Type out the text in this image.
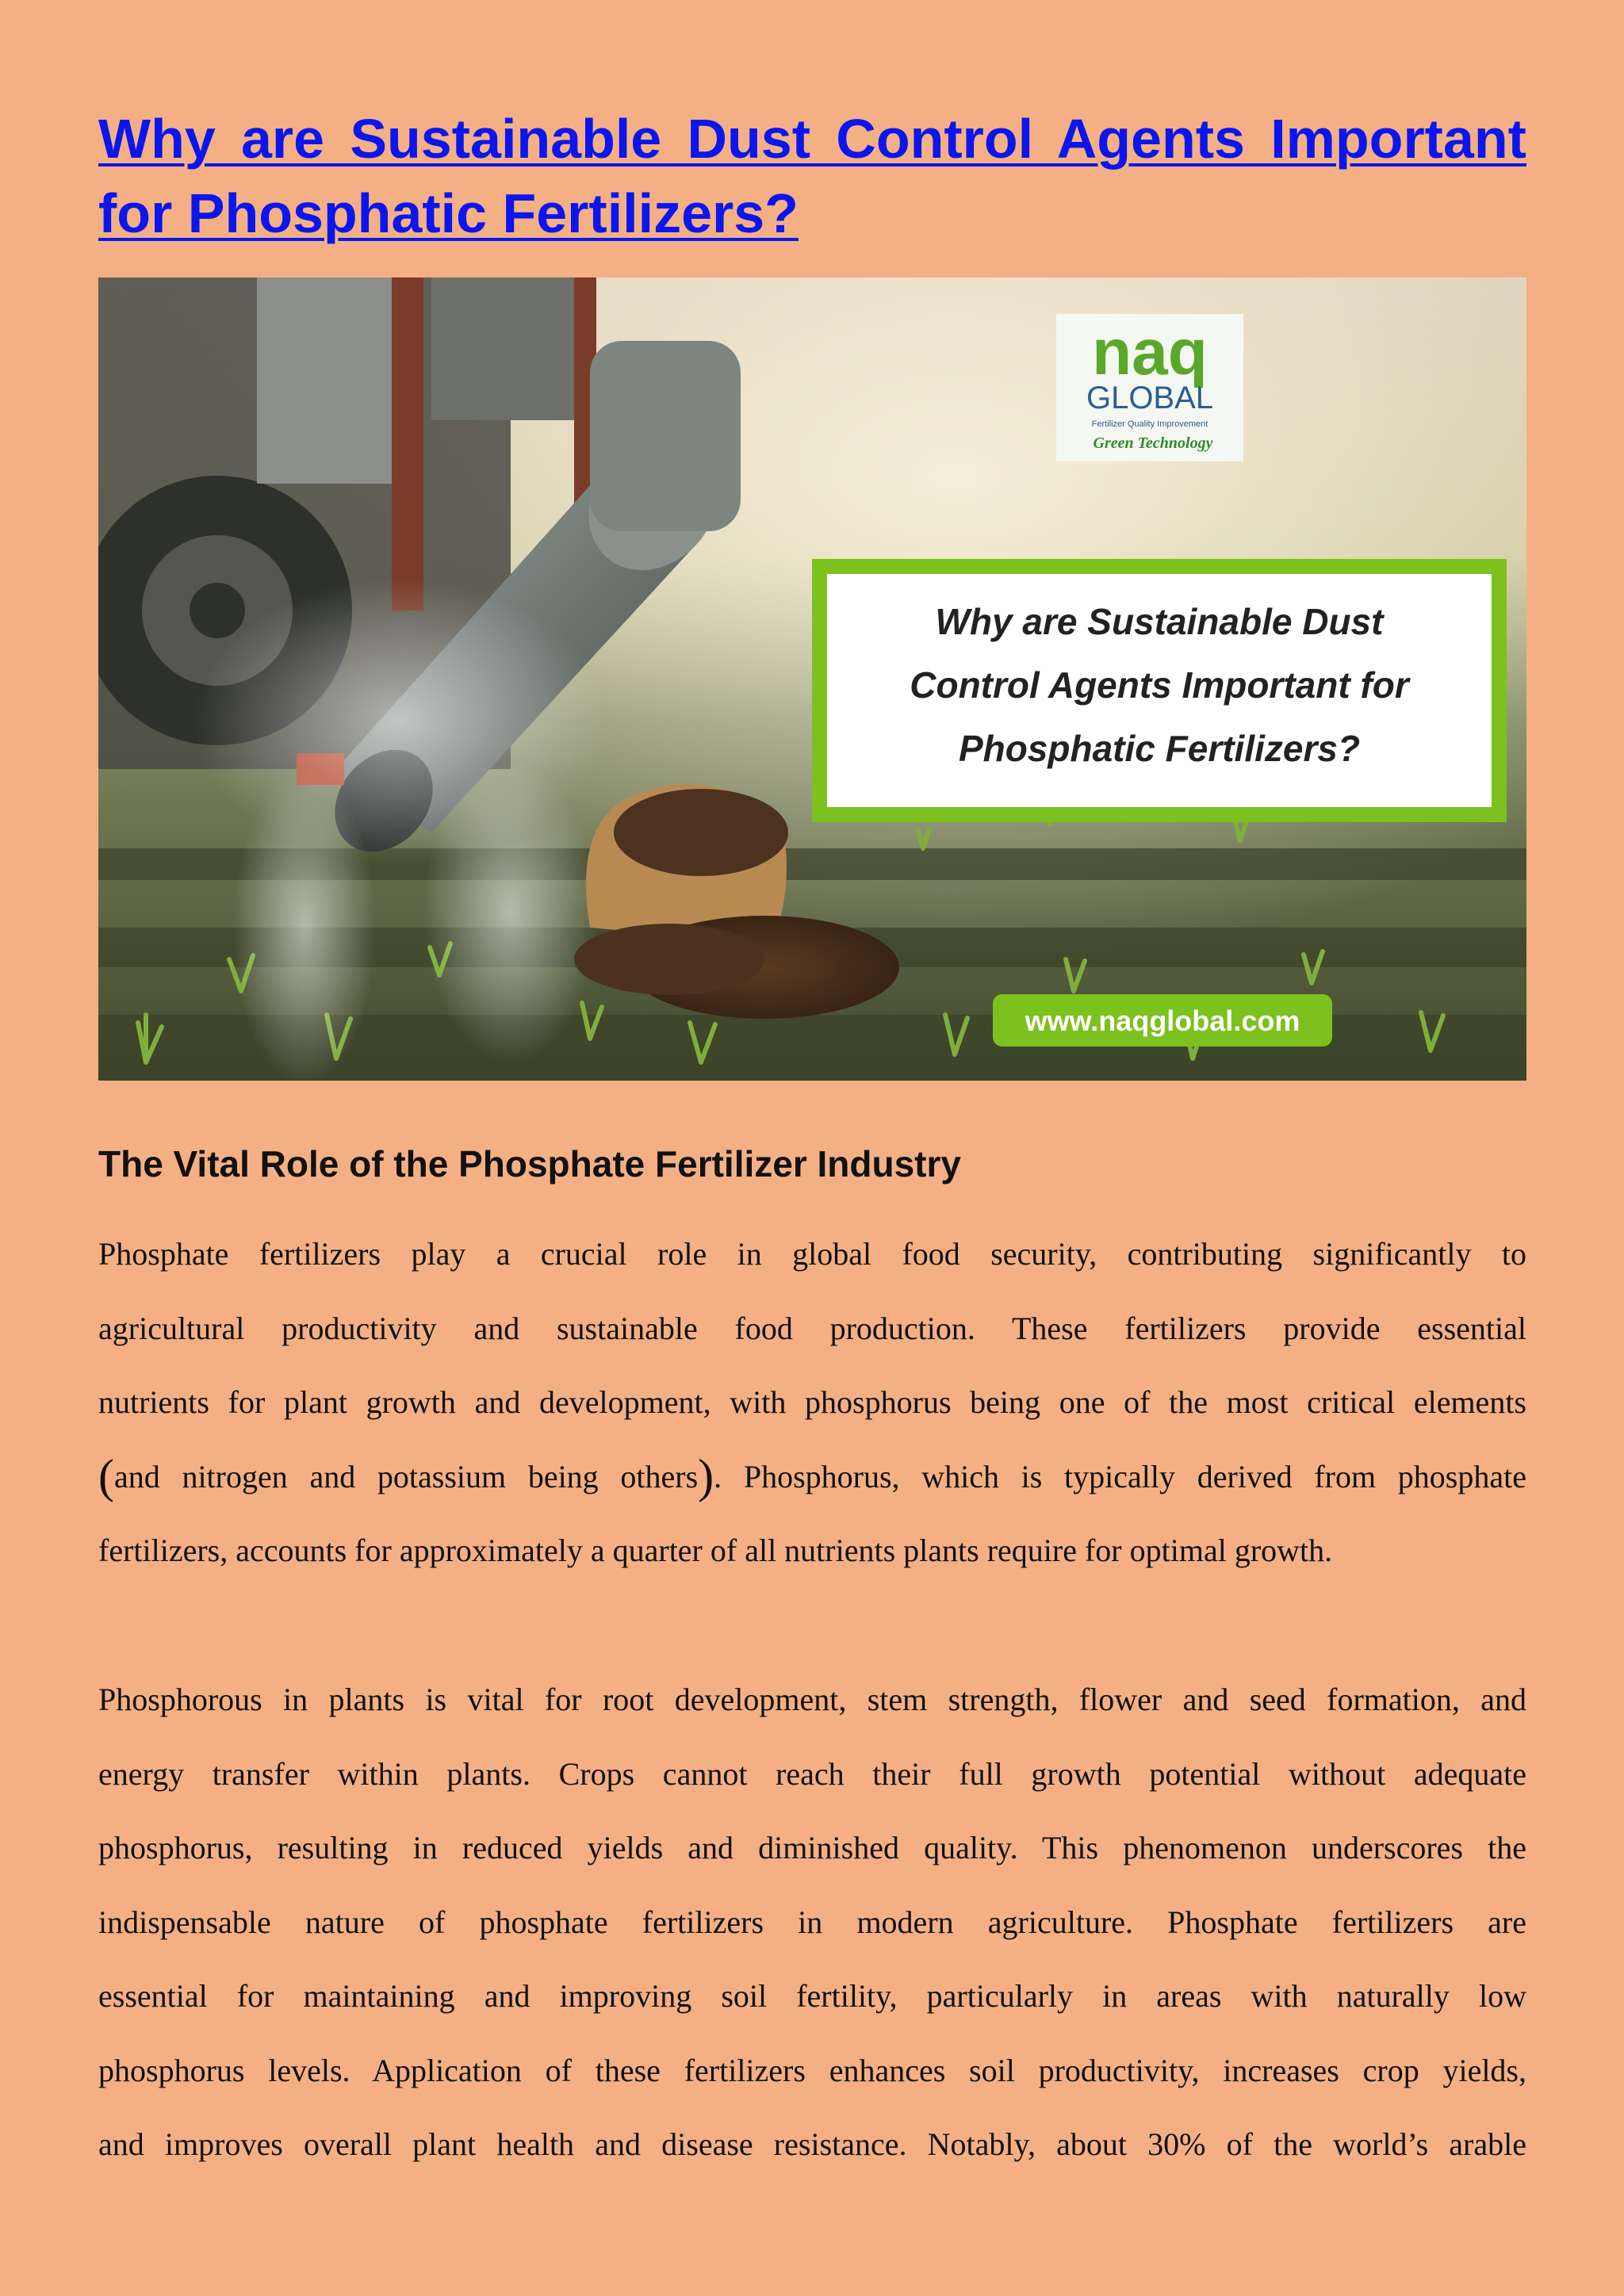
Why are Sustainable Dust Control Agents Important for Phosphatic Fertilizers?
naq
GLOBAL
Fertilizer Quality Improvement
Green Technology
Why are Sustainable Dust
Control Agents Important for
Phosphatic Fertilizers?
www.naqglobal.com
The Vital Role of the Phosphate Fertilizer Industry
Phosphate fertilizers play a crucial role in global food security, contributing significantly to
agricultural productivity and sustainable food production. These fertilizers provide essential
nutrients for plant growth and development, with phosphorus being one of the most critical elements
(and nitrogen and potassium being others). Phosphorus, which is typically derived from phosphate
fertilizers, accounts for approximately a quarter of all nutrients plants require for optimal growth.
Phosphorous in plants is vital for root development, stem strength, flower and seed formation, and
energy transfer within plants. Crops cannot reach their full growth potential without adequate
phosphorus, resulting in reduced yields and diminished quality. This phenomenon underscores the
indispensable nature of phosphate fertilizers in modern agriculture. Phosphate fertilizers are
essential for maintaining and improving soil fertility, particularly in areas with naturally low
phosphorus levels. Application of these fertilizers enhances soil productivity, increases crop yields,
and improves overall plant health and disease resistance. Notably, about 30% of the world’s arable
